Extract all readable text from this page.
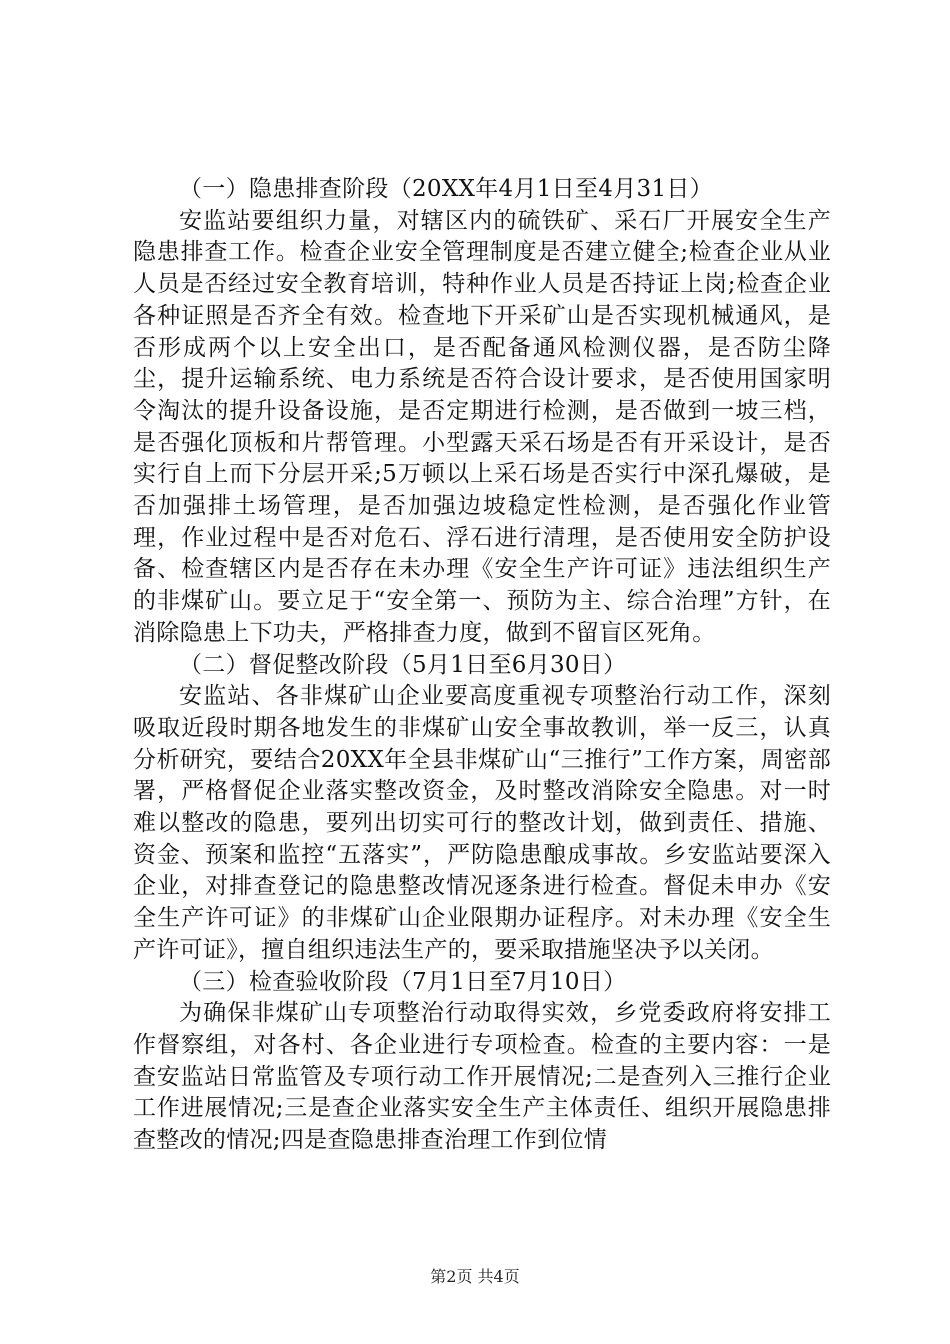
（一）隐患排查阶段（20XX年4月1日至4月31日）

安监站要组织力量，对辖区内的硫铁矿、采石厂开展安全生产隐患排查工作。检查企业安全管理制度是否建立健全;检查企业从业人员是否经过安全教育培训，特种作业人员是否持证上岗;检查企业各种证照是否齐全有效。检查地下开采矿山是否实现机械通风，是否形成两个以上安全出口，是否配备通风检测仪器，是否防尘降尘，提升运输系统、电力系统是否符合设计要求，是否使用国家明令淘汰的提升设备设施，是否定期进行检测，是否做到一坡三档，是否强化顶板和片帮管理。小型露天采石场是否有开采设计，是否实行自上而下分层开采;5万顿以上采石场是否实行中深孔爆破，是否加强排土场管理，是否加强边坡稳定性检测，是否强化作业管理，作业过程中是否对危石、浮石进行清理，是否使用安全防护设备、检查辖区内是否存在未办理《安全生产许可证》违法组织生产的非煤矿山。要立足于“安全第一、预防为主、综合治理”方针，在消除隐患上下功夫，严格排查力度，做到不留盲区死角。

（二）督促整改阶段（5月1日至6月30日）

安监站、各非煤矿山企业要高度重视专项整治行动工作，深刻吸取近段时期各地发生的非煤矿山安全事故教训，举一反三，认真分析研究，要结合20XX年全县非煤矿山“三推行”工作方案，周密部署，严格督促企业落实整改资金，及时整改消除安全隐患。对一时难以整改的隐患，要列出切实可行的整改计划，做到责任、措施、资金、预案和监控“五落实”，严防隐患酿成事故。乡安监站要深入企业，对排查登记的隐患整改情况逐条进行检查。督促未申办《安全生产许可证》的非煤矿山企业限期办证程序。对未办理《安全生产许可证》，擅自组织违法生产的，要采取措施坚决予以关闭。

（三）检查验收阶段（7月1日至7月10日）

为确保非煤矿山专项整治行动取得实效，乡党委政府将安排工作督察组，对各村、各企业进行专项检查。检查的主要内容：一是查安监站日常监管及专项行动工作开展情况;二是查列入三推行企业工作进展情况;三是查企业落实安全生产主体责任、组织开展隐患排查整改的情况;四是查隐患排查治理工作到位情

第2页 共4页
